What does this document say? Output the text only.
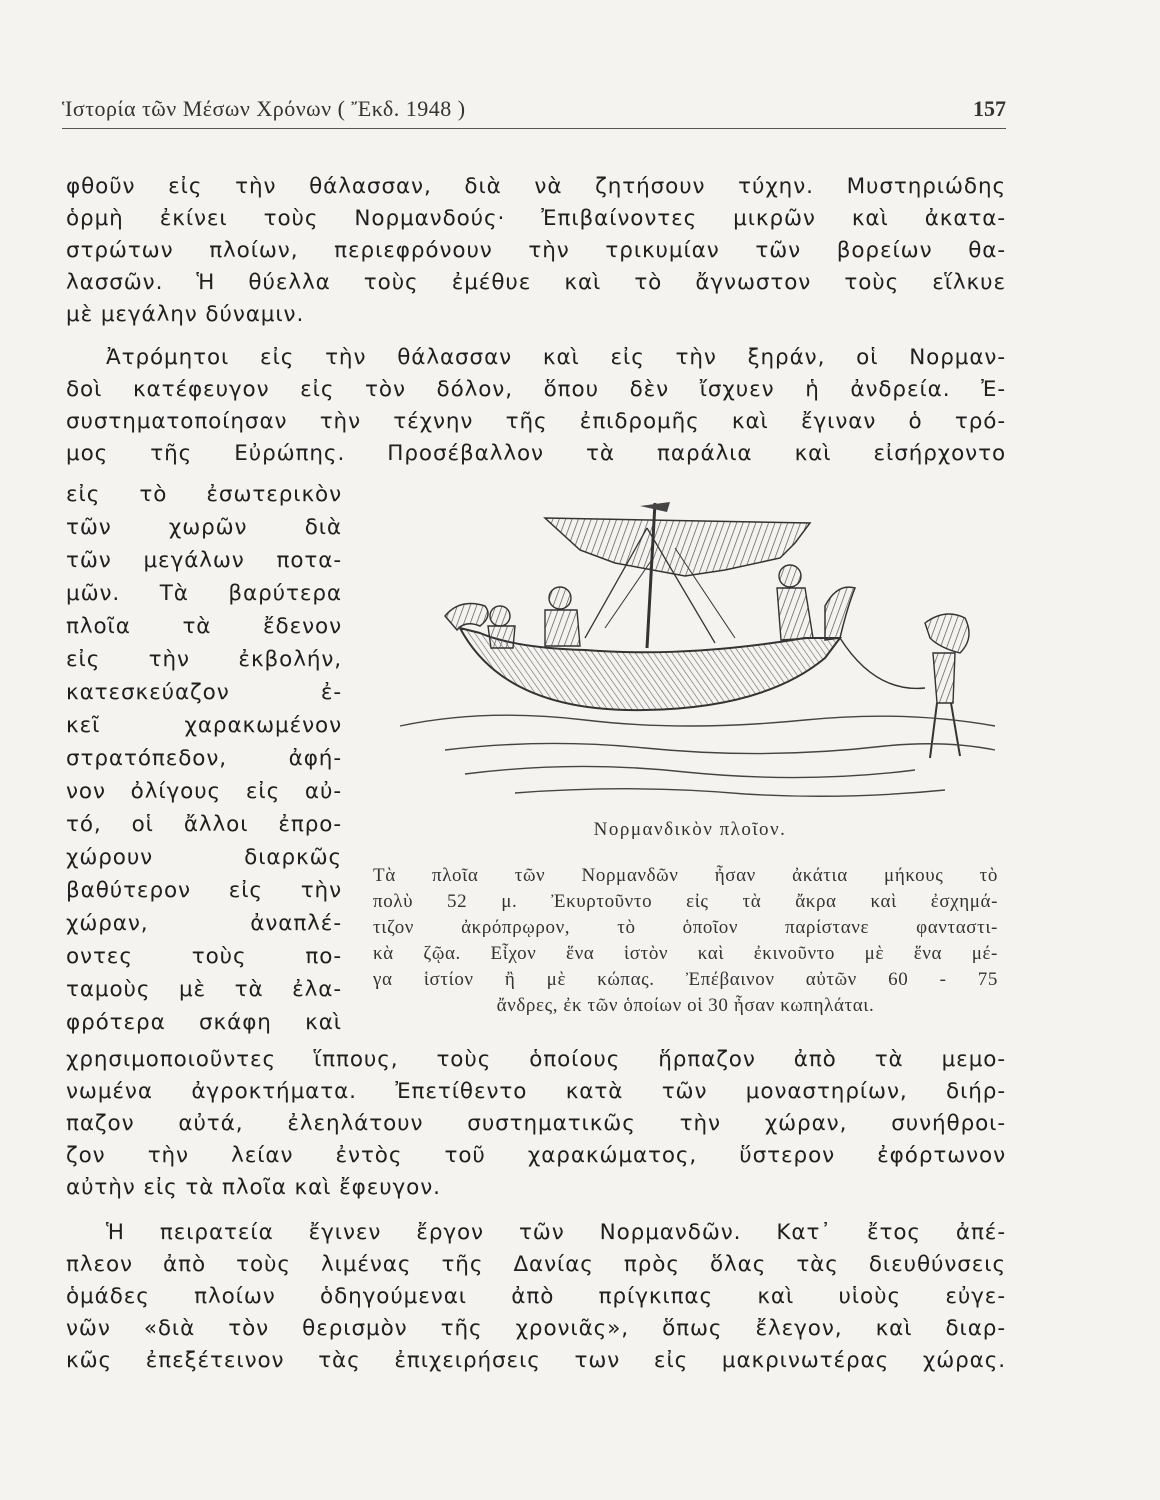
Ἱστορία τῶν Μέσων Χρόνων ( Ἔκδ. 1948 )	157
φθοῦν εἰς τὴν θάλασσαν, διὰ νὰ ζητήσουν τύχην. Μυστηριώδης
ὁρμὴ ἐκίνει τοὺς Νορμανδούς· Ἐπιβαίνοντες μικρῶν καὶ ἀκατα-
στρώτων πλοίων, περιεφρόνουν τὴν τρικυμίαν τῶν βορείων θα-
λασσῶν. Ἡ θύελλα τοὺς ἐμέθυε καὶ τὸ ἄγνωστον τοὺς εἵλκυε
μὲ μεγάλην δύναμιν.
Ἀτρόμητοι εἰς τὴν θάλασσαν καὶ εἰς τὴν ξηράν, οἱ Νορμαν-
δοὶ κατέφευγον εἰς τὸν δόλον, ὅπου δὲν ἴσχυεν ἡ ἀνδρεία. Ἐ-
συστηματοποίησαν τὴν τέχνην τῆς ἐπιδρομῆς καὶ ἔγιναν ὁ τρό-
μος τῆς Εὐρώπης. Προσέβαλλον τὰ παράλια καὶ εἰσήρχοντο
εἰς τὸ ἐσωτερικὸν
τῶν χωρῶν διὰ
τῶν μεγάλων ποτα-
μῶν. Τὰ βαρύτερα
πλοῖα τὰ ἔδενον
εἰς τὴν ἐκβολήν,
κατεσκεύαζον ἐ-
κεῖ χαρακωμένον
στρατόπεδον, ἀφή-
νον ὀλίγους εἰς αὐ-
τό, οἱ ἄλλοι ἐπρο-
χώρουν διαρκῶς
βαθύτερον εἰς τὴν
χώραν, ἀναπλέ-
οντες τοὺς πο-
ταμοὺς μὲ τὰ ἐλα-
φρότερα σκάφη καὶ
χρησιμοποιοῦντες ἵππους, τοὺς ὁποίους ἥρπαζον ἀπὸ τὰ μεμο-
νωμένα ἀγροκτήματα. Ἐπετίθεντο κατὰ τῶν μοναστηρίων, διήρ-
παζον αὐτά, ἐλεηλάτουν συστηματικῶς τὴν χώραν, συνήθροι-
ζον τὴν λείαν ἐντὸς τοῦ χαρακώματος, ὕστερον ἐφόρτωνον
αὐτὴν εἰς τὰ πλοῖα καὶ ἔφευγον.
Ἡ πειρατεία ἔγινεν ἔργον τῶν Νορμανδῶν. Κατ᾽ ἔτος ἀπέ-
πλεον ἀπὸ τοὺς λιμένας τῆς Δανίας πρὸς ὅλας τὰς διευθύνσεις
ὁμάδες πλοίων ὁδηγούμεναι ἀπὸ πρίγκιπας καὶ υἱοὺς εὐγε-
νῶν «διὰ τὸν θερισμὸν τῆς χρονιᾶς», ὅπως ἔλεγον, καὶ διαρ-
κῶς ἐπεξέτεινον τὰς ἐπιχειρήσεις των εἰς μακρινωτέρας χώρας.
Νορμανδικὸν πλοῖον.
Τὰ πλοῖα τῶν Νορμανδῶν ἦσαν ἀκάτια μήκους τὸ
πολὺ 52 μ. Ἐκυρτοῦντο εἰς τὰ ἄκρα καὶ ἐσχημά-
τιζον ἀκρόπρῳρον, τὸ ὁποῖον παρίστανε φανταστι-
κὰ ζῷα. Εἶχον ἕνα ἱστὸν καὶ ἐκινοῦντο μὲ ἕνα μέ-
γα ἱστίον ἢ μὲ κώπας. Ἐπέβαινον αὐτῶν 60 - 75
ἄνδρες, ἐκ τῶν ὁποίων οἱ 30 ἦσαν κωπηλάται.
